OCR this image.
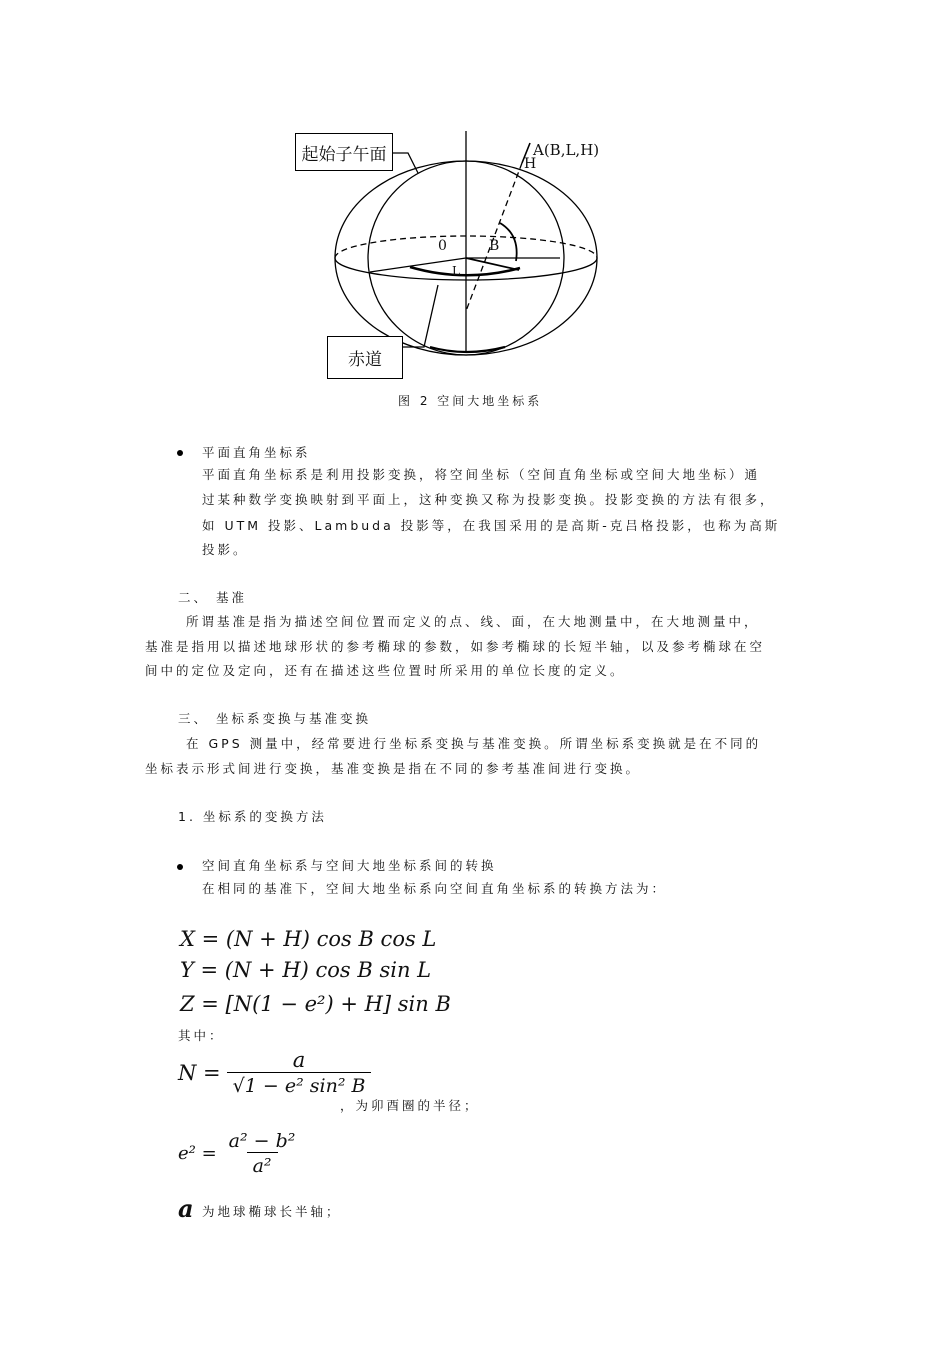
起始子午面
赤道
A(B,L,H)
H
0	B
L
图 2 空间大地坐标系
平面直角坐标系
平面直角坐标系是利用投影变换，将空间坐标（空间直角坐标或空间大地坐标）通
过某种数学变换映射到平面上，这种变换又称为投影变换。投影变换的方法有很多，
如 UTM 投影、Lambuda 投影等，在我国采用的是高斯-克吕格投影，也称为高斯
投影。
二、 基准
所谓基准是指为描述空间位置而定义的点、线、面，在大地测量中，在大地测量中，
基准是指用以描述地球形状的参考椭球的参数，如参考椭球的长短半轴，以及参考椭球在空
间中的定位及定向，还有在描述这些位置时所采用的单位长度的定义。
三、 坐标系变换与基准变换
在 GPS 测量中，经常要进行坐标系变换与基准变换。所谓坐标系变换就是在不同的
坐标表示形式间进行变换，基准变换是指在不同的参考基准间进行变换。
1. 坐标系的变换方法
空间直角坐标系与空间大地坐标系间的转换
在相同的基准下，空间大地坐标系向空间直角坐标系的转换方法为：
X = (N + H) cos B cos L
Y = (N + H) cos B sin L
Z = [N(1 − e²) + H] sin B
其中：
$N = \frac{a}{\text{√1 − e² sin² B}}$
，为卯酉圈的半径；
$e^2 = \frac{\text{a² − b²}}{\text{a²}}$
a 为地球椭球长半轴；
